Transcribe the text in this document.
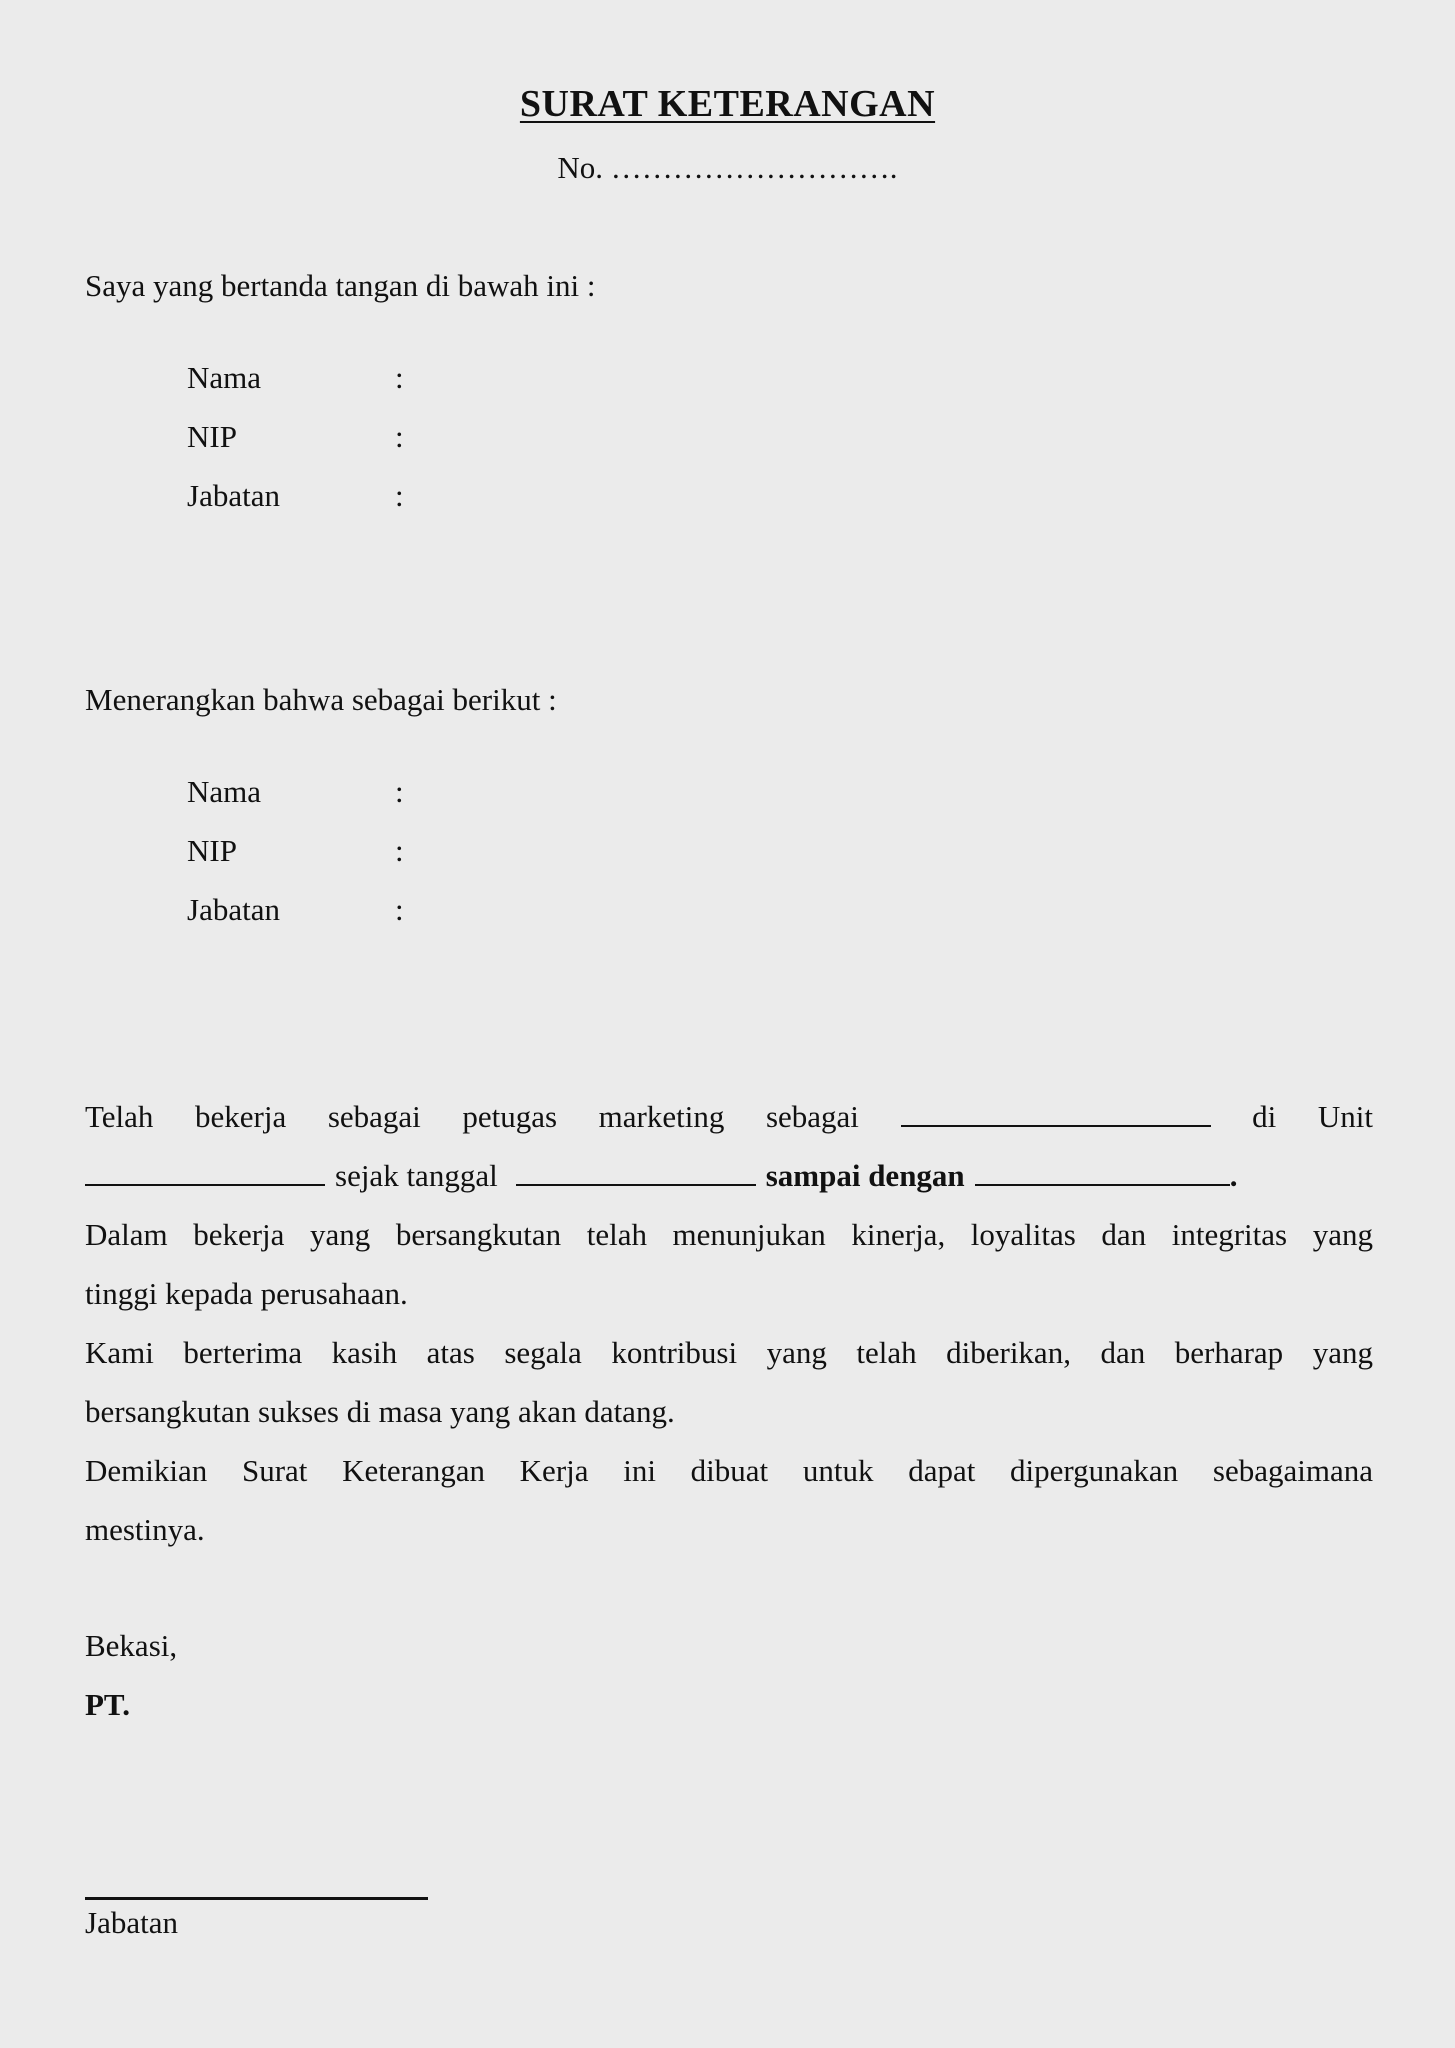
SURAT KETERANGAN
No. ……………………….
Saya yang bertanda tangan di bawah ini :
Nama	:
NIP	:
Jabatan	:
Menerangkan bahwa sebagai berikut :
Nama	:
NIP	:
Jabatan	:
Telah bekerja sebagai petugas marketing sebagai	di Unit
sejak tanggal	sampai dengan	.
Dalam bekerja yang bersangkutan telah menunjukan kinerja, loyalitas dan integritas yang
tinggi kepada perusahaan.
Kami berterima kasih atas segala kontribusi yang telah diberikan, dan berharap yang
bersangkutan sukses di masa yang akan datang.
Demikian Surat Keterangan Kerja ini dibuat untuk dapat dipergunakan sebagaimana
mestinya.
Bekasi,
PT.
Jabatan
